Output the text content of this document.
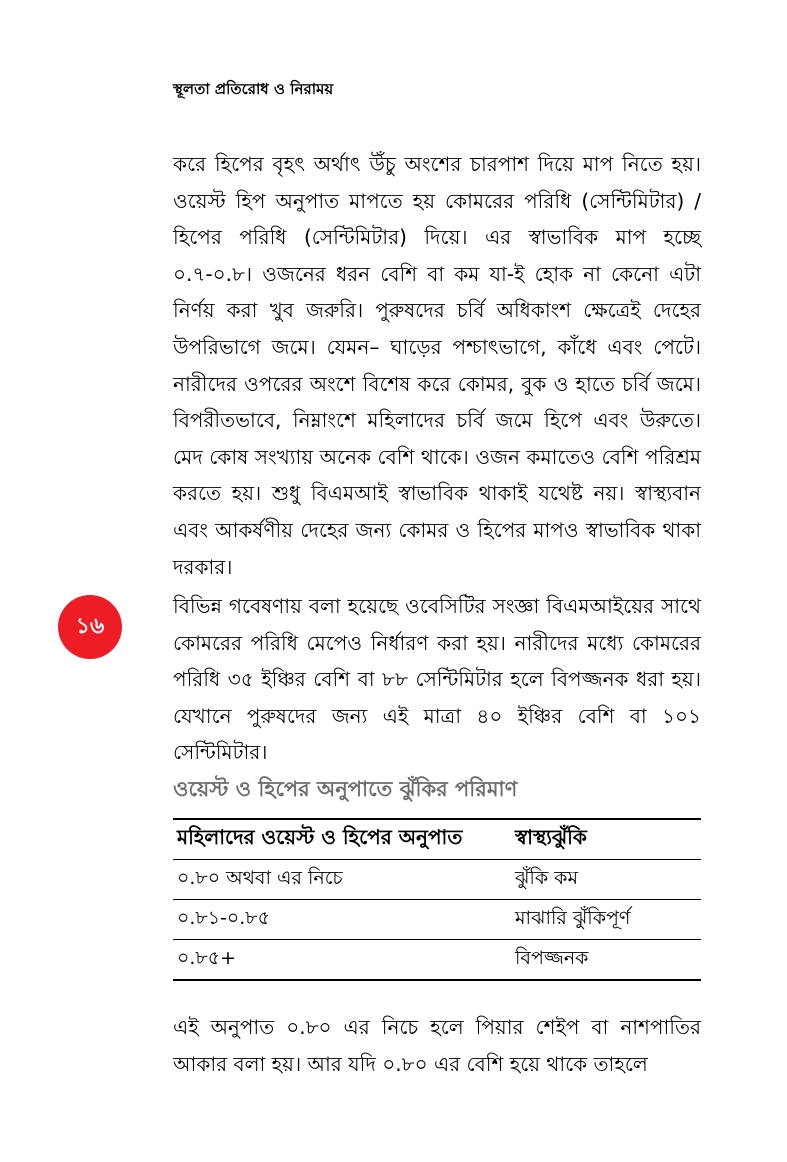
স্থূলতা প্রতিরোধ ও নিরাময়

করে হিপের বৃহৎ অর্থাৎ উঁচু অংশের চারপাশ দিয়ে মাপ নিতে হয়। ওয়েস্ট হিপ অনুপাত মাপতে হয় কোমরের পরিধি (সেন্টিমিটার) / হিপের পরিধি (সেন্টিমিটার) দিয়ে। এর স্বাভাবিক মাপ হচ্ছে ০.৭-০.৮। ওজনের ধরন বেশি বা কম যা-ই হোক না কেনো এটা নির্ণয় করা খুব জরুরি। পুরুষদের চর্বি অধিকাংশ ক্ষেত্রেই দেহের উপরিভাগে জমে। যেমন– ঘাড়ের পশ্চাৎভাগে, কাঁধে এবং পেটে। নারীদের ওপরের অংশে বিশেষ করে কোমর, বুক ও হাতে চর্বি জমে। বিপরীতভাবে, নিম্নাংশে মহিলাদের চর্বি জমে হিপে এবং উরুতে। মেদ কোষ সংখ্যায় অনেক বেশি থাকে। ওজন কমাতেও বেশি পরিশ্রম করতে হয়। শুধু বিএমআই স্বাভাবিক থাকাই যথেষ্ট নয়। স্বাস্থ্যবান এবং আকর্ষণীয় দেহের জন্য কোমর ও হিপের মাপও স্বাভাবিক থাকা দরকার।

১৬

বিভিন্ন গবেষণায় বলা হয়েছে ওবেসিটির সংজ্ঞা বিএমআইয়ের সাথে কোমরের পরিধি মেপেও নির্ধারণ করা হয়। নারীদের মধ্যে কোমরের পরিধি ৩৫ ইঞ্চির বেশি বা ৮৮ সেন্টিমিটার হলে বিপজ্জনক ধরা হয়। যেখানে পুরুষদের জন্য এই মাত্রা ৪০ ইঞ্চির বেশি বা ১০১ সেন্টিমিটার।

ওয়েস্ট ও হিপের অনুপাতে ঝুঁকির পরিমাণ
মহিলাদের ওয়েস্ট ও হিপের অনুপাত	স্বাস্থ্যঝুঁকি
০.৮০ অথবা এর নিচে	ঝুঁকি কম
০.৮১-০.৮৫	মাঝারি ঝুঁকিপূর্ণ
০.৮৫+	বিপজ্জনক

এই অনুপাত ০.৮০ এর নিচে হলে পিয়ার শেইপ বা নাশপাতির আকার বলা হয়। আর যদি ০.৮০ এর বেশি হয়ে থাকে তাহলে
